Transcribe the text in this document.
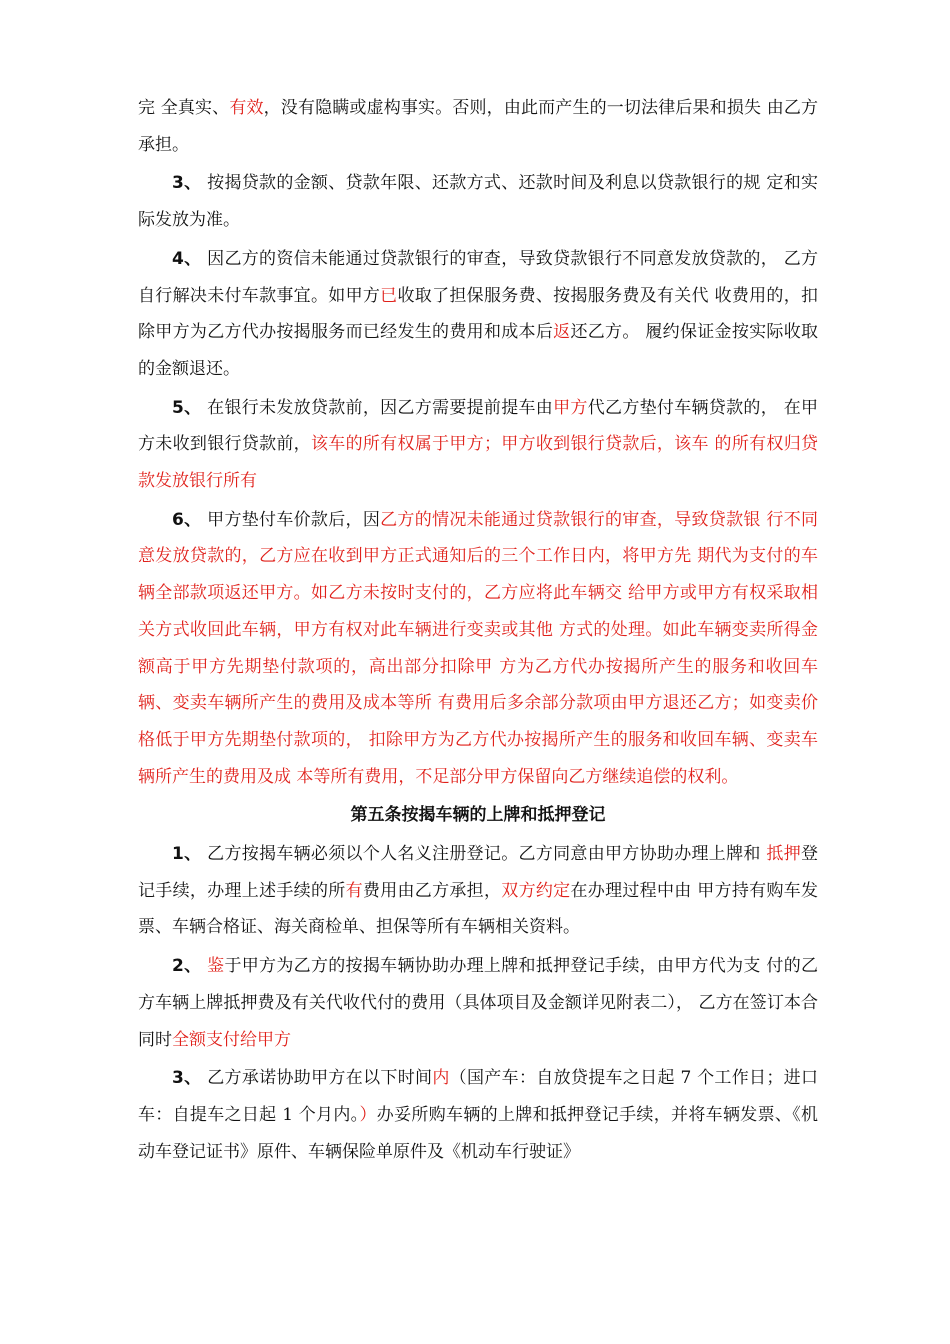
完 全真实、有效，没有隐瞒或虚构事实。否则，由此而产生的一切法律后果和损失 由乙方承担。

3、 按揭贷款的金额、贷款年限、还款方式、还款时间及利息以贷款银行的规 定和实际发放为准。

4、 因乙方的资信未能通过贷款银行的审查，导致贷款银行不同意发放贷款的， 乙方自行解决未付车款事宜。如甲方已收取了担保服务费、按揭服务费及有关代 收费用的，扣除甲方为乙方代办按揭服务而已经发生的费用和成本后返还乙方。 履约保证金按实际收取的金额退还。

5、 在银行未发放贷款前，因乙方需要提前提车由甲方代乙方垫付车辆贷款的， 在甲方未收到银行贷款前，该车的所有权属于甲方；甲方收到银行贷款后，该车 的所有权归贷款发放银行所有

6、 甲方垫付车价款后，因乙方的情况未能通过贷款银行的审查，导致贷款银 行不同意发放贷款的，乙方应在收到甲方正式通知后的三个工作日内，将甲方先 期代为支付的车辆全部款项返还甲方。如乙方未按时支付的，乙方应将此车辆交 给甲方或甲方有权采取相关方式收回此车辆，甲方有权对此车辆进行变卖或其他 方式的处理。如此车辆变卖所得金额高于甲方先期垫付款项的，高出部分扣除甲 方为乙方代办按揭所产生的服务和收回车辆、变卖车辆所产生的费用及成本等所 有费用后多余部分款项由甲方退还乙方；如变卖价格低于甲方先期垫付款项的， 扣除甲方为乙方代办按揭所产生的服务和收回车辆、变卖车辆所产生的费用及成 本等所有费用，不足部分甲方保留向乙方继续追偿的权利。

第五条按揭车辆的上牌和抵押登记

1、 乙方按揭车辆必须以个人名义注册登记。乙方同意由甲方协助办理上牌和 抵押登记手续，办理上述手续的所有费用由乙方承担，双方约定在办理过程中由 甲方持有购车发票、车辆合格证、海关商检单、担保等所有车辆相关资料。

2、 鉴于甲方为乙方的按揭车辆协助办理上牌和抵押登记手续，由甲方代为支 付的乙方车辆上牌抵押费及有关代收代付的费用（具体项目及金额详见附表二）， 乙方在签订本合同时全额支付给甲方

3、 乙方承诺协助甲方在以下时间内（国产车：自放贷提车之日起 7 个工作日；进口车：自提车之日起 1 个月内。）办妥所购车辆的上牌和抵押登记手续，并将车辆发票、《机动车登记证书》原件、车辆保险单原件及《机动车行驶证》
